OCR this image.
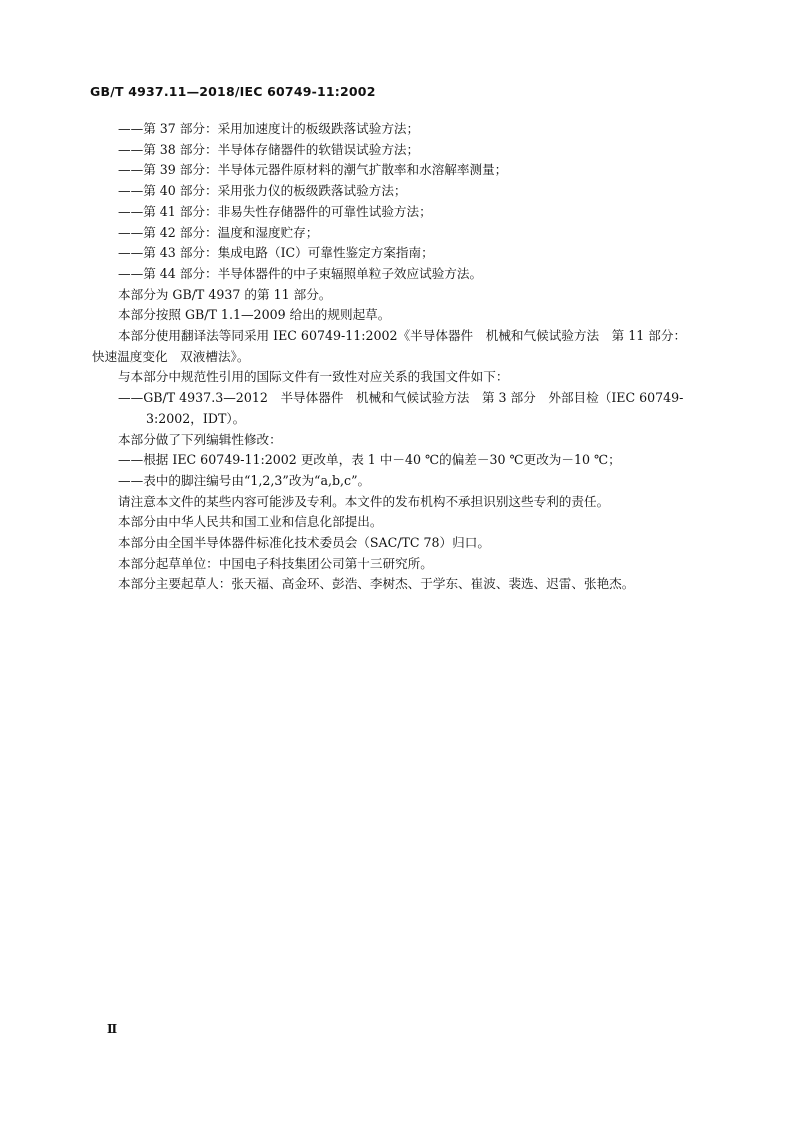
GB/T 4937.11—2018/IEC 60749-11:2002
——第 37 部分：采用加速度计的板级跌落试验方法；
——第 38 部分：半导体存储器件的软错误试验方法；
——第 39 部分：半导体元器件原材料的潮气扩散率和水溶解率测量；
——第 40 部分：采用张力仪的板级跌落试验方法；
——第 41 部分：非易失性存储器件的可靠性试验方法；
——第 42 部分：温度和湿度贮存；
——第 43 部分：集成电路（IC）可靠性鉴定方案指南；
——第 44 部分：半导体器件的中子束辐照单粒子效应试验方法。
本部分为 GB/T 4937 的第 11 部分。
本部分按照 GB/T 1.1—2009 给出的规则起草。
本部分使用翻译法等同采用 IEC 60749-11:2002《半导体器件　机械和气候试验方法　第 11 部分：
快速温度变化　双液槽法》。
与本部分中规范性引用的国际文件有一致性对应关系的我国文件如下：
——GB/T 4937.3—2012　半导体器件　机械和气候试验方法　第 3 部分　外部目检（IEC 60749-
3:2002，IDT）。
本部分做了下列编辑性修改：
——根据 IEC 60749-11:2002 更改单，表 1 中－40 ℃的偏差－30 ℃更改为－10 ℃；
——表中的脚注编号由“1,2,3”改为“a,b,c”。
请注意本文件的某些内容可能涉及专利。本文件的发布机构不承担识别这些专利的责任。
本部分由中华人民共和国工业和信息化部提出。
本部分由全国半导体器件标准化技术委员会（SAC/TC 78）归口。
本部分起草单位：中国电子科技集团公司第十三研究所。
本部分主要起草人：张天福、高金环、彭浩、李树杰、于学东、崔波、裴选、迟雷、张艳杰。
Ⅱ
